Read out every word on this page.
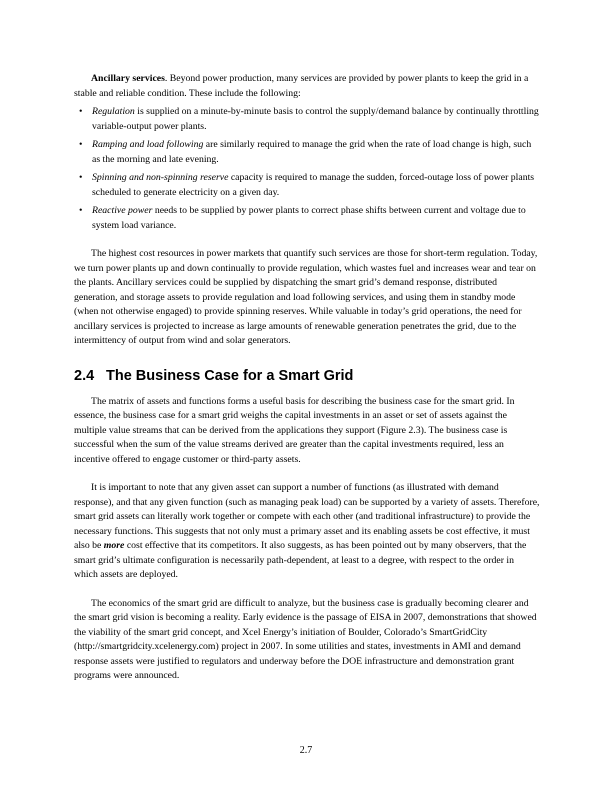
Ancillary services. Beyond power production, many services are provided by power plants to keep the grid in a stable and reliable condition. These include the following:

• Regulation is supplied on a minute-by-minute basis to control the supply/demand balance by continually throttling variable-output power plants.
• Ramping and load following are similarly required to manage the grid when the rate of load change is high, such as the morning and late evening.
• Spinning and non-spinning reserve capacity is required to manage the sudden, forced-outage loss of power plants scheduled to generate electricity on a given day.
• Reactive power needs to be supplied by power plants to correct phase shifts between current and voltage due to system load variance.

The highest cost resources in power markets that quantify such services are those for short-term regulation. Today, we turn power plants up and down continually to provide regulation, which wastes fuel and increases wear and tear on the plants. Ancillary services could be supplied by dispatching the smart grid’s demand response, distributed generation, and storage assets to provide regulation and load following services, and using them in standby mode (when not otherwise engaged) to provide spinning reserves. While valuable in today’s grid operations, the need for ancillary services is projected to increase as large amounts of renewable generation penetrates the grid, due to the intermittency of output from wind and solar generators.

2.4 The Business Case for a Smart Grid

The matrix of assets and functions forms a useful basis for describing the business case for the smart grid. In essence, the business case for a smart grid weighs the capital investments in an asset or set of assets against the multiple value streams that can be derived from the applications they support (Figure 2.3). The business case is successful when the sum of the value streams derived are greater than the capital investments required, less an incentive offered to engage customer or third-party assets.

It is important to note that any given asset can support a number of functions (as illustrated with demand response), and that any given function (such as managing peak load) can be supported by a variety of assets. Therefore, smart grid assets can literally work together or compete with each other (and traditional infrastructure) to provide the necessary functions. This suggests that not only must a primary asset and its enabling assets be cost effective, it must also be more cost effective that its competitors. It also suggests, as has been pointed out by many observers, that the smart grid’s ultimate configuration is necessarily path-dependent, at least to a degree, with respect to the order in which assets are deployed.

The economics of the smart grid are difficult to analyze, but the business case is gradually becoming clearer and the smart grid vision is becoming a reality. Early evidence is the passage of EISA in 2007, demonstrations that showed the viability of the smart grid concept, and Xcel Energy’s initiation of Boulder, Colorado’s SmartGridCity (http://smartgridcity.xcelenergy.com) project in 2007. In some utilities and states, investments in AMI and demand response assets were justified to regulators and underway before the DOE infrastructure and demonstration grant programs were announced.

2.7
